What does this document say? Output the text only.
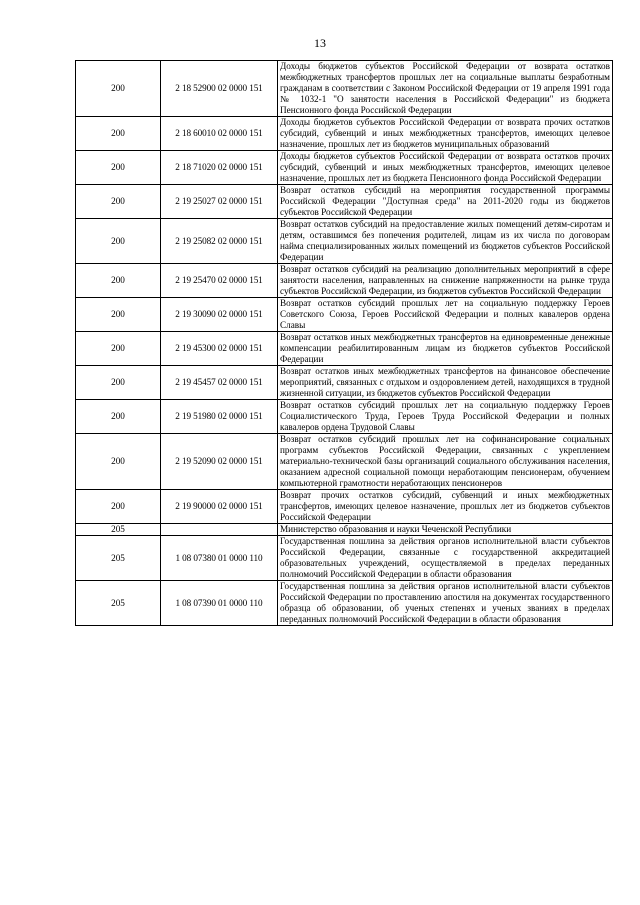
13
200	2 18 52900 02 0000 151	Доходы бюджетов субъектов Российской Федерации от возврата остатков межбюджетных трансфертов прошлых лет на социальные выплаты безработным гражданам в соответствии с Законом Российской Федерации от 19 апреля 1991 года № 1032-1 "О занятости населения в Российской Федерации" из бюджета Пенсионного фонда Российской Федерации
200	2 18 60010 02 0000 151	Доходы бюджетов субъектов Российской Федерации от возврата прочих остатков субсидий, субвенций и иных межбюджетных трансфертов, имеющих целевое назначение, прошлых лет из бюджетов муниципальных образований
200	2 18 71020 02 0000 151	Доходы бюджетов субъектов Российской Федерации от возврата остатков прочих субсидий, субвенций и иных межбюджетных трансфертов, имеющих целевое назначение, прошлых лет из бюджета Пенсионного фонда Российской Федерации
200	2 19 25027 02 0000 151	Возврат остатков субсидий на мероприятия государственной программы Российской Федерации "Доступная среда" на 2011-2020 годы из бюджетов субъектов Российской Федерации
200	2 19 25082 02 0000 151	Возврат остатков субсидий на предоставление жилых помещений детям-сиротам и детям, оставшимся без попечения родителей, лицам из их числа по договорам найма специализированных жилых помещений из бюджетов субъектов Российской Федерации
200	2 19 25470 02 0000 151	Возврат остатков субсидий на реализацию дополнительных мероприятий в сфере занятости населения, направленных на снижение напряженности на рынке труда субъектов Российской Федерации, из бюджетов субъектов Российской Федерации
200	2 19 30090 02 0000 151	Возврат остатков субсидий прошлых лет на социальную поддержку Героев Советского Союза, Героев Российской Федерации и полных кавалеров ордена Славы
200	2 19 45300 02 0000 151	Возврат остатков иных межбюджетных трансфертов на единовременные денежные компенсации реабилитированным лицам из бюджетов субъектов Российской Федерации
200	2 19 45457 02 0000 151	Возврат остатков иных межбюджетных трансфертов на финансовое обеспечение мероприятий, связанных с отдыхом и оздоровлением детей, находящихся в трудной жизненной ситуации, из бюджетов субъектов Российской Федерации
200	2 19 51980 02 0000 151	Возврат остатков субсидий прошлых лет на социальную поддержку Героев Социалистического Труда, Героев Труда Российской Федерации и полных кавалеров ордена Трудовой Славы
200	2 19 52090 02 0000 151	Возврат остатков субсидий прошлых лет на софинансирование социальных программ субъектов Российской Федерации, связанных с укреплением материально-технической базы организаций социального обслуживания населения, оказанием адресной социальной помощи неработающим пенсионерам, обучением компьютерной грамотности неработающих пенсионеров
200	2 19 90000 02 0000 151	Возврат прочих остатков субсидий, субвенций и иных межбюджетных трансфертов, имеющих целевое назначение, прошлых лет из бюджетов субъектов Российской Федерации
205		Министерство образования и науки Чеченской Республики
205	1 08 07380 01 0000 110	Государственная пошлина за действия органов исполнительной власти субъектов Российской Федерации, связанные с государственной аккредитацией образовательных учреждений, осуществляемой в пределах переданных полномочий Российской Федерации в области образования
205	1 08 07390 01 0000 110	Государственная пошлина за действия органов исполнительной власти субъектов Российской Федерации по проставлению апостиля на документах государственного образца об образовании, об ученых степенях и ученых званиях в пределах переданных полномочий Российской Федерации в области образования
